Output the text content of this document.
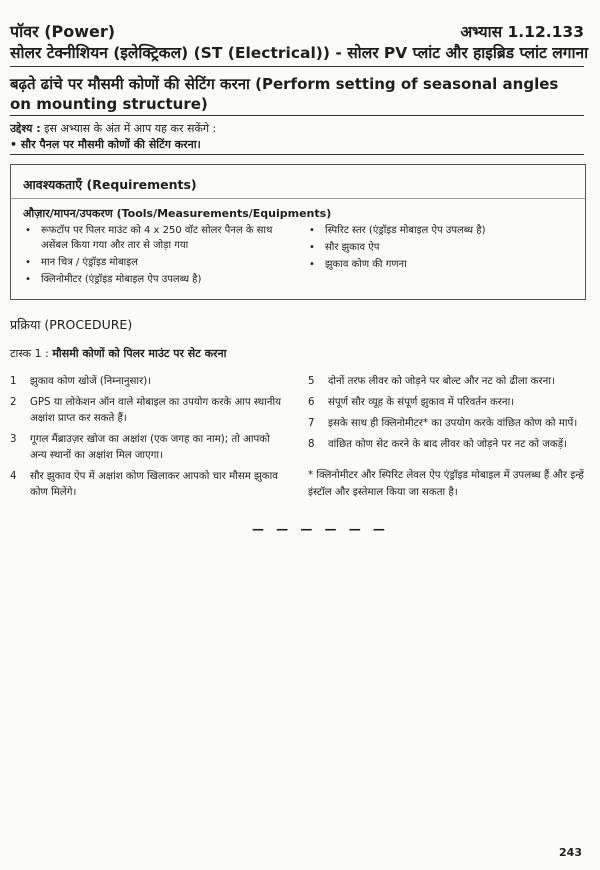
पॉवर (Power)	अभ्यास 1.12.133
सोलर टेक्नीशियन (इलेक्ट्रिकल) (ST (Electrical)) - सोलर PV प्लांट और हाइब्रिड प्लांट लगाना
बढ़ते ढांचे पर मौसमी कोणों की सेटिंग करना (Perform setting of seasonal angles on mounting structure)
उद्देश्य : इस अभ्यास के अंत में आप यह कर सकेंगे :
• सौर पैनल पर मौसमी कोणों की सेटिंग करना।
आवश्यकताएँ (Requirements)
औज़ार/मापन/उपकरण (Tools/Measurements/Equipments)
• रूफटॉप पर पिलर माउंट को 4 x 250 वॉट सोलर पैनल के साथ असेंबल किया गया और तार से जोड़ा गया
• मान चित्र / एंड्रॉइड मोबाइल
• क्लिनोमीटर (एंड्रॉइड मोबाइल ऐप उपलब्ध है)
• स्पिरिट स्तर (एंड्रॉइड मोबाइल ऐप उपलब्ध है)
• सौर झुकाव ऐप
• झुकाव कोण की गणना
प्रक्रिया (PROCEDURE)
टास्क 1 : मौसमी कोणों को पिलर माउंट पर सेट करना
1 झुकाव कोण खोजें (निम्नानुसार)।
2 GPS या लोकेशन ऑन वाले मोबाइल का उपयोग करके आप स्थानीय अक्षांश प्राप्त कर सकते हैं।
3 गूगल मैंब्राउज़र खोज का अक्षांश (एक जगह का नाम); तो आपको अन्य स्थानों का अक्षांश मिल जाएगा।
4 सौर झुकाव ऐप में अक्षांश कोण खिलाकर आपको चार मौसम झुकाव कोण मिलेंगे।
5 दोनों तरफ लीवर को जोड़ने पर बोल्ट और नट को ढीला करना।
6 संपूर्ण सौर व्यूह के संपूर्ण झुकाव में परिवर्तन करना।
7 इसके साथ ही क्लिनोमीटर* का उपयोग करके वांछित कोण को मापें।
8 वांछित कोण सेट करने के बाद लीवर को जोड़ने पर नट को जकड़ें।
* क्लिनोमीटर और स्पिरिट लेवल ऐप एंड्रॉइड मोबाइल में उपलब्ध हैं और इन्हें इंस्टॉल और इस्तेमाल किया जा सकता है।
— — — — — —
243
